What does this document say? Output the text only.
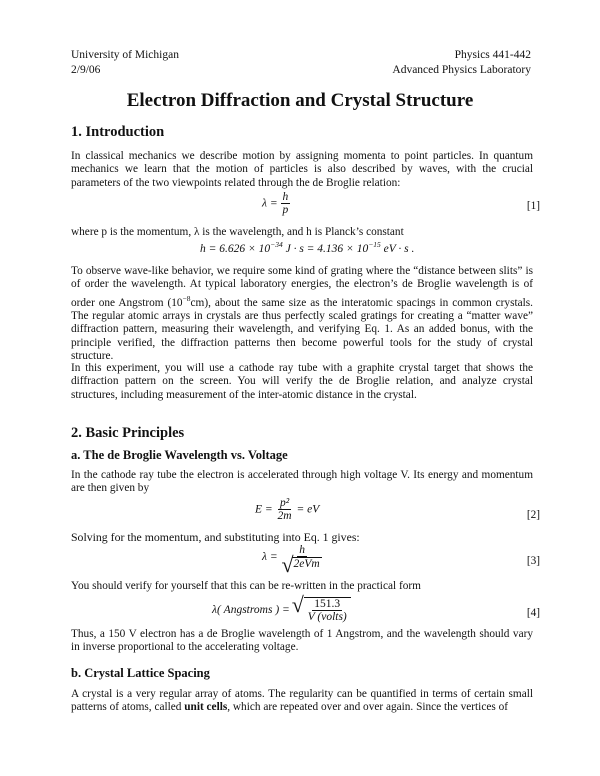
University of Michigan
2/9/06
Physics 441-442
Advanced Physics Laboratory
Electron Diffraction and Crystal Structure
1. Introduction
In classical mechanics we describe motion by assigning momenta to point particles. In quantum mechanics we learn that the motion of particles is also described by waves, with the crucial parameters of the two viewpoints related through the de Broglie relation:
$\lambda = \frac{h}{p}$	[1]
where p is the momentum, λ is the wavelength, and h is Planck’s constant
$h = 6.626 \times 10^{-34}$ $J \cdot s = 4.136 \times 10^{-15}$ eV · s .
To observe wave-like behavior, we require some kind of grating where the “distance between slits” is of order the wavelength. At typical laboratory energies, the electron’s de Broglie wavelength is of order one Angstrom $(10^{-8}cm)$, about the same size as the interatomic spacings in common crystals. The regular atomic arrays in crystals are thus perfectly scaled gratings for creating a “matter wave” diffraction pattern, measuring their wavelength, and verifying Eq. 1. As an added bonus, with the principle verified, the diffraction patterns then become powerful tools for the study of crystal structure.
In this experiment, you will use a cathode ray tube with a graphite crystal target that shows the diffraction pattern on the screen. You will verify the de Broglie relation, and analyze crystal structures, including measurement of the inter-atomic distance in the crystal.
2. Basic Principles
a. The de Broglie Wavelength vs. Voltage
In the cathode ray tube the electron is accelerated through high voltage V. Its energy and momentum are then given by
$E = \frac{\text{p²}}{2m}$ = eV	[2]
Solving for the momentum, and substituting into Eq. 1 gives:
λ = h
√ 2eVm	[3]
You should verify for yourself that this can be re-written in the practical form
λ( Angstroms ) =
√ $\frac{151.3}{\text{V (volts)}}$	[4]
Thus, a 150 V electron has a de Broglie wavelength of 1 Angstrom, and the wavelength should vary in inverse proportional to the accelerating voltage.
b. Crystal Lattice Spacing
A crystal is a very regular array of atoms. The regularity can be quantified in terms of certain small patterns of atoms, called unit cells, which are repeated over and over again. Since the vertices of
